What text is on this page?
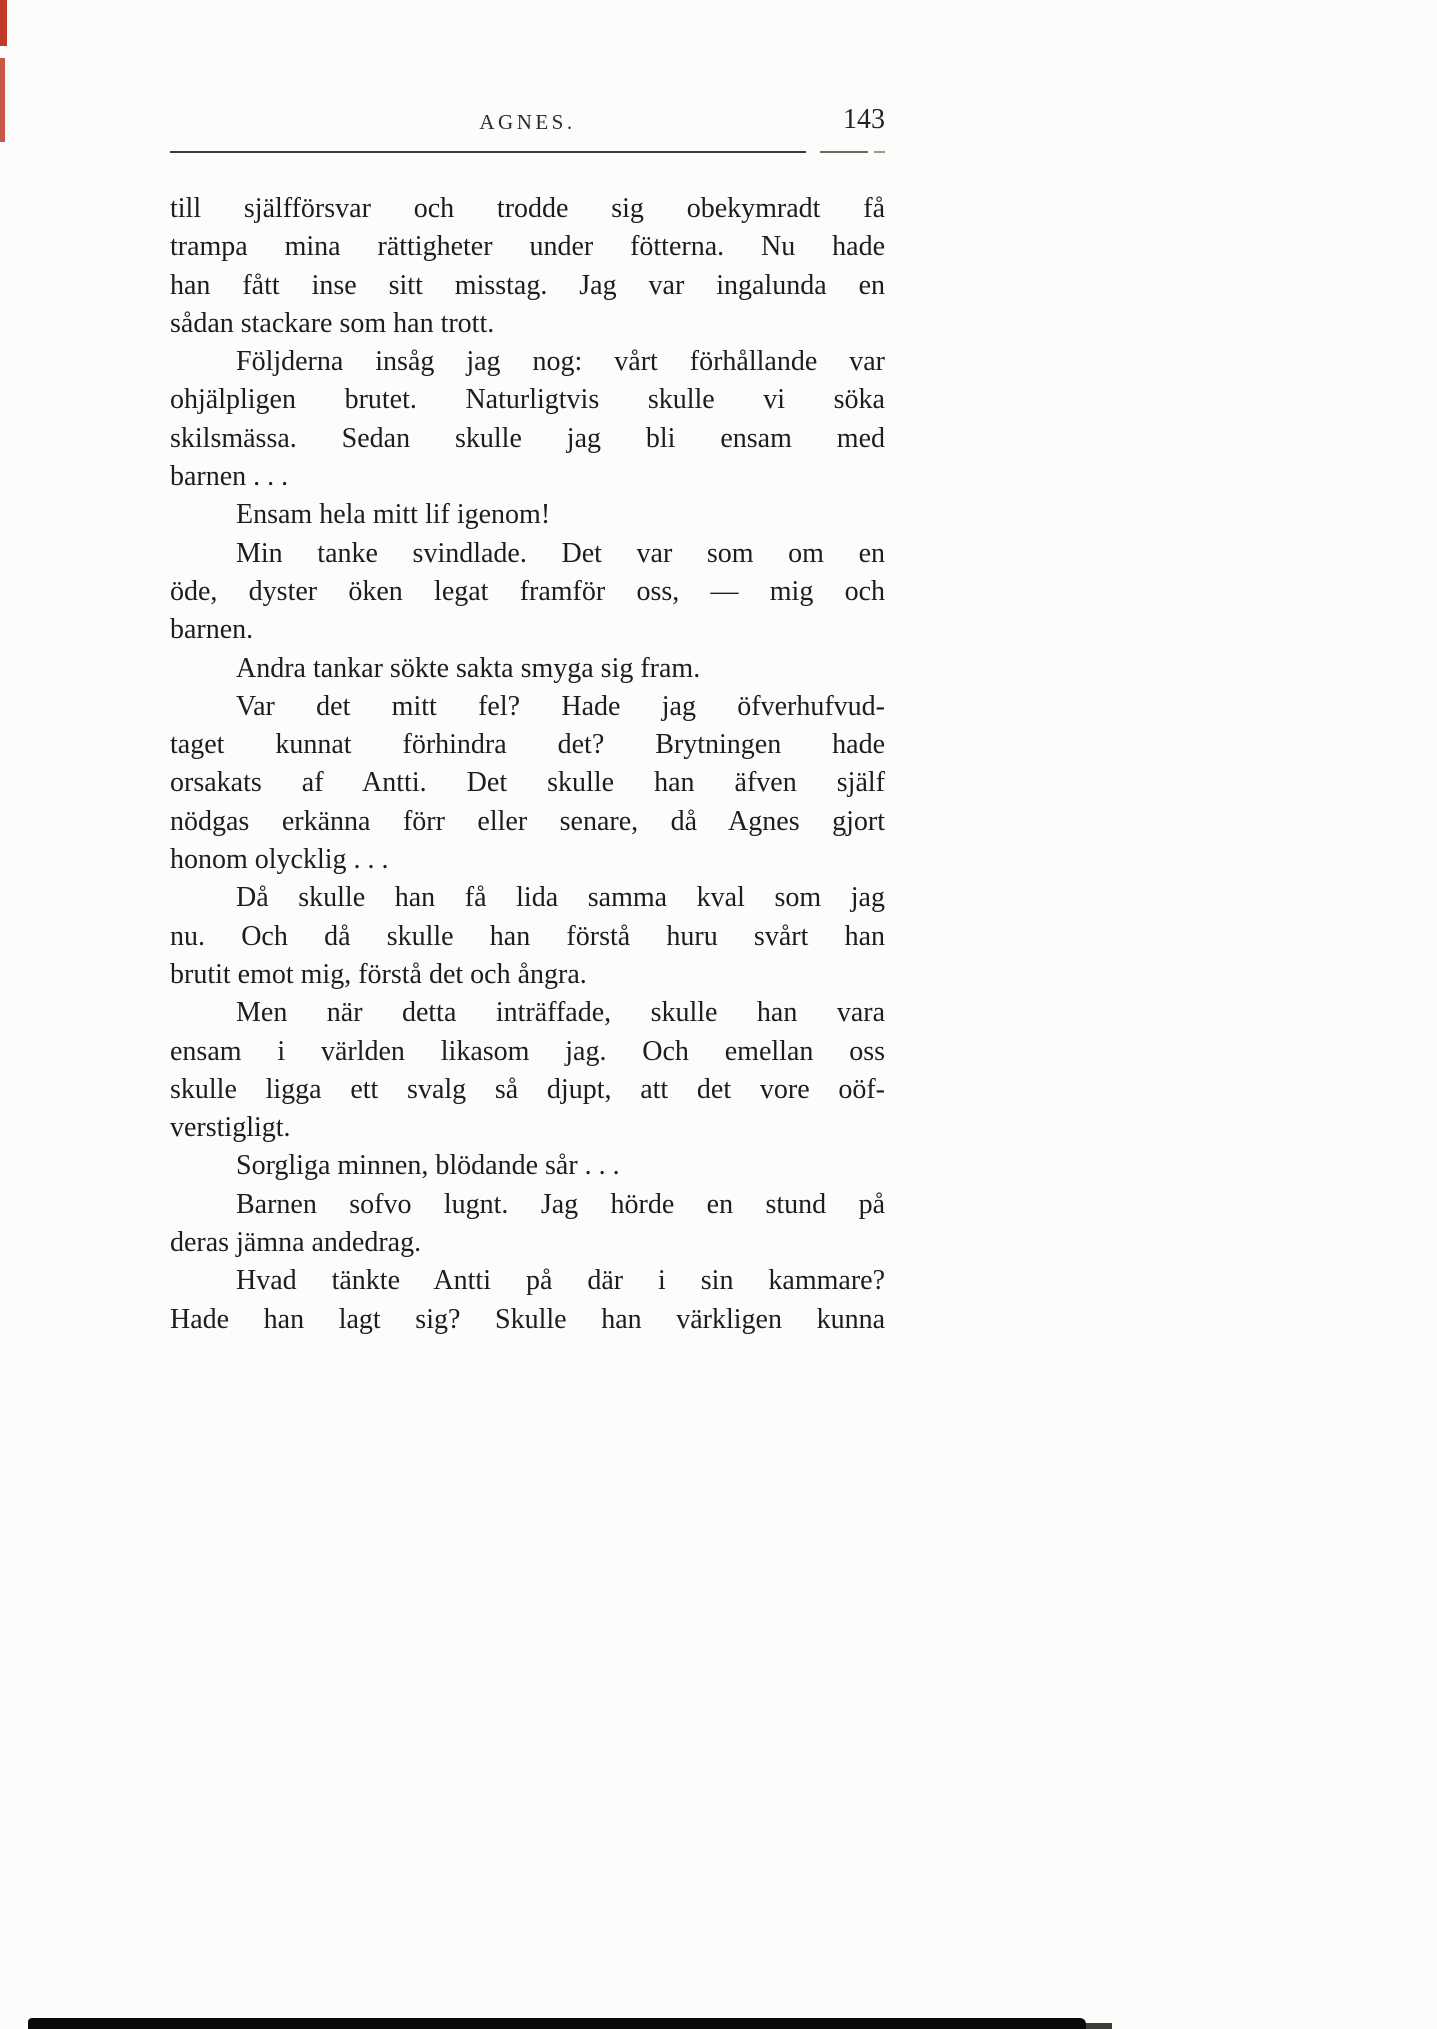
AGNES.	143
till själfförsvar och trodde sig obekymradt få
trampa mina rättigheter under fötterna. Nu hade
han fått inse sitt misstag. Jag var ingalunda en
sådan stackare som han trott.
Följderna insåg jag nog: vårt förhållande var
ohjälpligen brutet. Naturligtvis skulle vi söka
skilsmässa. Sedan skulle jag bli ensam med
barnen . . .
Ensam hela mitt lif igenom!
Min tanke svindlade. Det var som om en
öde, dyster öken legat framför oss, — mig och
barnen.
Andra tankar sökte sakta smyga sig fram.
Var det mitt fel? Hade jag öfverhufvud-
taget kunnat förhindra det? Brytningen hade
orsakats af Antti. Det skulle han äfven själf
nödgas erkänna förr eller senare, då Agnes gjort
honom olycklig . . .
Då skulle han få lida samma kval som jag
nu. Och då skulle han förstå huru svårt han
brutit emot mig, förstå det och ångra.
Men när detta inträffade, skulle han vara
ensam i världen likasom jag. Och emellan oss
skulle ligga ett svalg så djupt, att det vore oöf-
verstigligt.
Sorgliga minnen, blödande sår . . .
Barnen sofvo lugnt. Jag hörde en stund på
deras jämna andedrag.
Hvad tänkte Antti på där i sin kammare?
Hade han lagt sig? Skulle han värkligen kunna
